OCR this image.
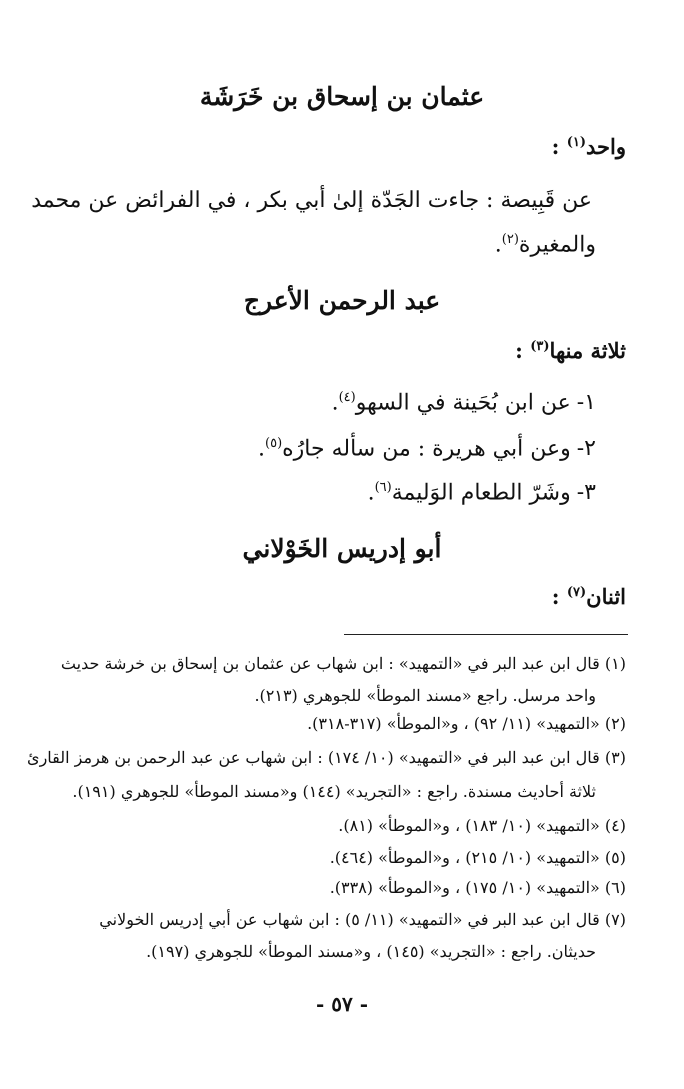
عثمان بن إسحاق بن خَرَشَة
واحد$^{(١)}$ :
عن قَبِيصة : جاءت الجَدّة إلىٰ أبي بكر ، في الفرائض عن محمد
والمغيرة$^{(٢)}$.
عبد الرحمن الأعرج
ثلاثة منها$^{(٣)}$ :
١-عن ابن بُحَينة في السهو$^{(٤)}$.
٢-وعن أبي هريرة : من سأله جارُه$^{(٥)}$.
٣-وشَرّ الطعام الوَليمة$^{(٦)}$.
أبو إدريس الخَوْلاني
اثنان$^{(٧)}$ :
(١) قال ابن عبد البر في «التمهيد» : ابن شهاب عن عثمان بن إسحاق بن خرشة حديث
واحد مرسل. راجع «مسند الموطأ» للجوهري (٢١٣).
(٢) «التمهيد» (١١/ ٩٢) ، و«الموطأ» (٣١٧-٣١٨).
(٣) قال ابن عبد البر في «التمهيد» (١٠/ ١٧٤) : ابن شهاب عن عبد الرحمن بن هرمز القارئ
ثلاثة أحاديث مسندة. راجع : «التجريد» (١٤٤) و«مسند الموطأ» للجوهري (١٩١).
(٤) «التمهيد» (١٠/ ١٨٣) ، و«الموطأ» (٨١).
(٥) «التمهيد» (١٠/ ٢١٥) ، و«الموطأ» (٤٦٤).
(٦) «التمهيد» (١٠/ ١٧٥) ، و«الموطأ» (٣٣٨).
(٧) قال ابن عبد البر في «التمهيد» (١١/ ٥) : ابن شهاب عن أبي إدريس الخولاني
حديثان. راجع : «التجريد» (١٤٥) ، و«مسند الموطأ» للجوهري (١٩٧).
- ٥٧ -
